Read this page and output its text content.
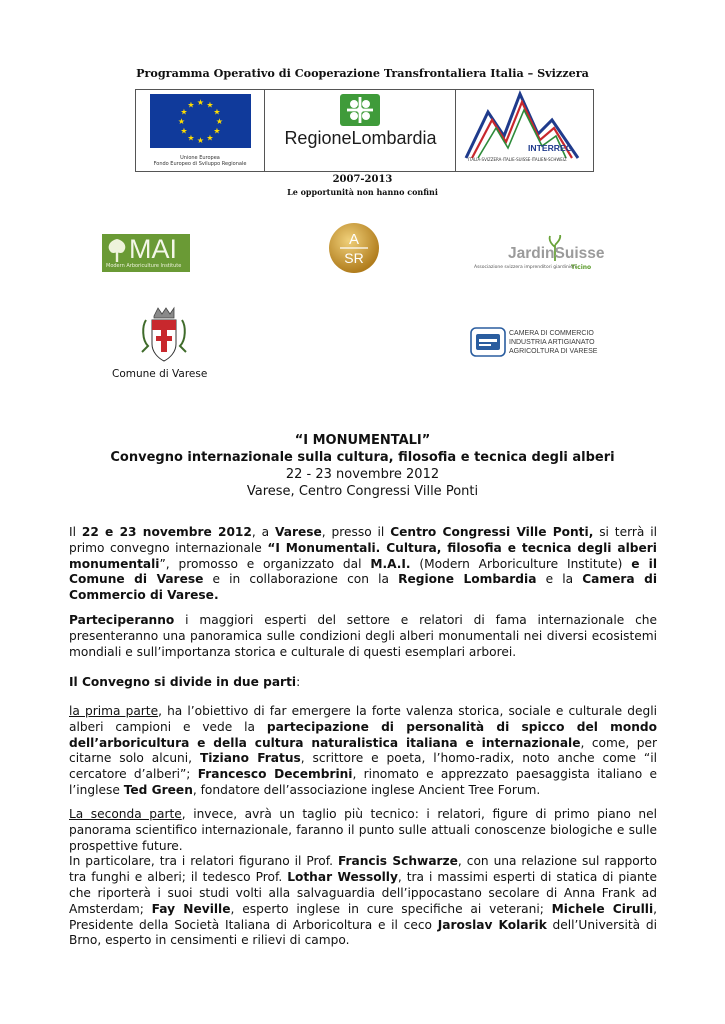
Programma Operativo di Cooperazione Transfrontaliera Italia – Svizzera
★ ★
★
★
★
★
★
★
★
★
★
★
Unione Europea
Fondo Europeo di Sviluppo Regionale
RegioneLombardia	INTERREG
ITALIA-SVIZZERA·ITALIE-SUISSE·ITALIEN-SCHWEIZ
2007-2013
Le opportunità non hanno confini
MAI
Modern Arboriculture Institute
A
SR	JardinSuisse
Associazione svizzera imprenditori giardinieri
Ticino
Comune di Varese
CAMERA DI COMMERCIO
INDUSTRIA ARTIGIANATO
AGRICOLTURA DI VARESE
“I MONUMENTALI”
Convegno internazionale sulla cultura, filosofia e tecnica degli alberi
22 - 23 novembre 2012
Varese, Centro Congressi Ville Ponti
Il 22 e 23 novembre 2012, a Varese, presso il Centro Congressi Ville Ponti, si terrà il primo convegno internazionale “I Monumentali. Cultura, filosofia e tecnica degli alberi monumentali”, promosso e organizzato dal M.A.I. (Modern Arboriculture Institute) e il Comune di Varese e in collaborazione con la Regione Lombardia e la Camera di Commercio di Varese.
Parteciperanno i maggiori esperti del settore e relatori di fama internazionale che presenteranno una panoramica sulle condizioni degli alberi monumentali nei diversi ecosistemi mondiali e sull’importanza storica e culturale di questi esemplari arborei.
Il Convegno si divide in due parti:
la prima parte, ha l’obiettivo di far emergere la forte valenza storica, sociale e culturale degli alberi campioni e vede la partecipazione di personalità di spicco del mondo dell’arboricultura e della cultura naturalistica italiana e internazionale, come, per citarne solo alcuni, Tiziano Fratus, scrittore e poeta, l’homo-radix, noto anche come “il cercatore d’alberi”; Francesco Decembrini, rinomato e apprezzato paesaggista italiano e l’inglese Ted Green, fondatore dell’associazione inglese Ancient Tree Forum.
La seconda parte, invece, avrà un taglio più tecnico: i relatori, figure di primo piano nel panorama scientifico internazionale, faranno il punto sulle attuali conoscenze biologiche e sulle prospettive future.
In particolare, tra i relatori figurano il Prof. Francis Schwarze, con una relazione sul rapporto tra funghi e alberi; il tedesco Prof. Lothar Wessolly, tra i massimi esperti di statica di piante che riporterà i suoi studi volti alla salvaguardia dell’ippocastano secolare di Anna Frank ad Amsterdam; Fay Neville, esperto inglese in cure specifiche ai veterani; Michele Cirulli, Presidente della Società Italiana di Arboricoltura e il ceco Jaroslav Kolarik dell’Università di Brno, esperto in censimenti e rilievi di campo.
